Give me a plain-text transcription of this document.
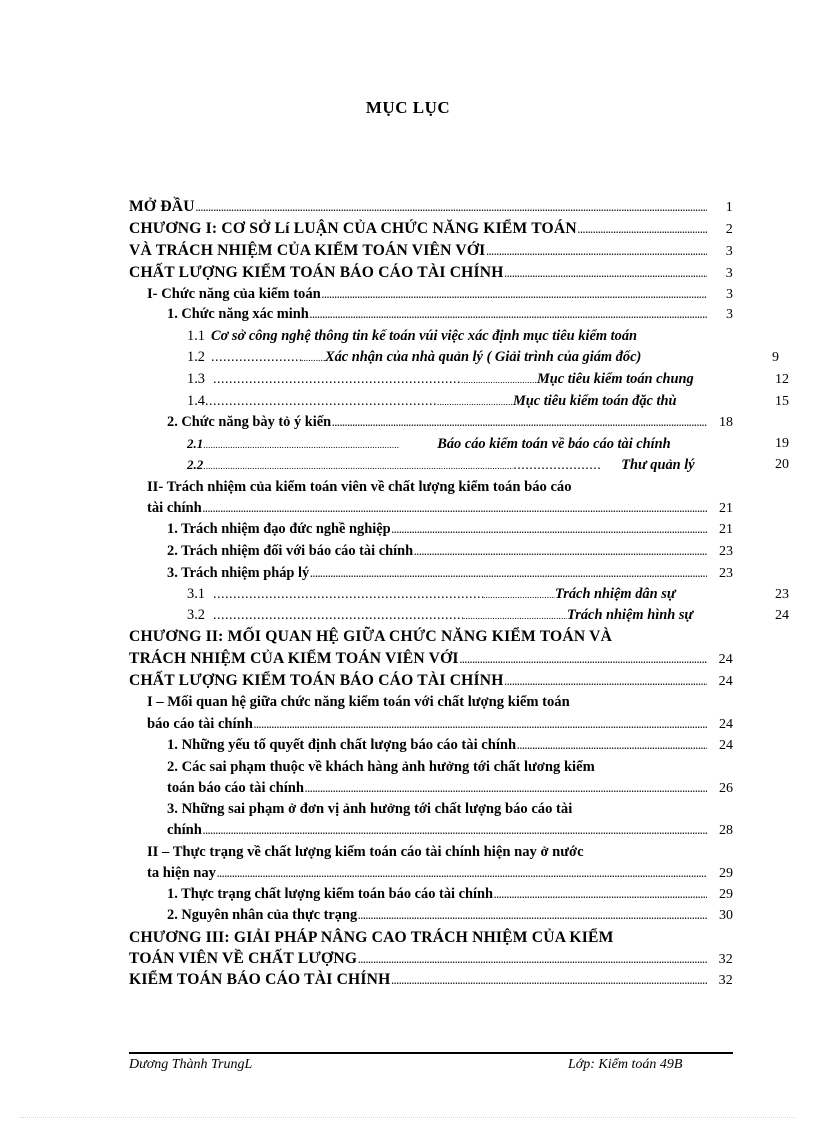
MỤC LỤC
MỞ ĐẦU .....	1
CHƯƠNG I: CƠ SỞ Lí LUẬN CỦA CHỨC NĂNG KIỂM TOÁN .....	2
VÀ TRÁCH NHIỆM CỦA KIỂM TOÁN VIÊN VỚI .....	3
CHẤT LƯỢNG KIỂM TOÁN BÁO CÁO TÀI CHÍNH .....	3
I- Chức năng của kiểm toán .....	3
1. Chức năng xác minh .....	3
1.1 Cơ sở công nghệ thông tin kế toán vúi việc xác định mục tiêu kiểm toán
1.2 ..... .....	Xác nhận của nhà quản lý ( Giải trình của giám đốc)	9
1.3 ..... .....	Mục tiêu kiểm toán chung	12
1.4 ..... .....	Mục tiêu kiểm toán đặc thù	15
2. Chức năng bày tỏ ý kiến .....	18
2.1 .....	Báo cáo kiểm toán về báo cáo tài chính	19
2.2 ..... .....	Thư quản lý	20
II- Trách nhiệm của kiểm toán viên về chất lượng kiểm toán báo cáo
tài chính .....	21
1. Trách nhiệm đạo đức nghề nghiệp .....	21
2. Trách nhiệm đối với báo cáo tài chính .....	23
3. Trách nhiệm pháp lý .....	23
3.1 ..... .....	Trách nhiệm dân sự	23
3.2 ..... .....	Trách nhiệm hình sự	24
CHƯƠNG II: MỐI QUAN HỆ GIỮA CHỨC NĂNG KIỂM TOÁN VÀ
TRÁCH NHIỆM CỦA KIỂM TOÁN VIÊN VỚI .....	24
CHẤT LƯỢNG KIỂM TOÁN BÁO CÁO TÀI CHÍNH .....	24
I – Mối quan hệ giữa chức năng kiểm toán với chất lượng kiểm toán
báo cáo tài chính .....	24
1. Những yếu tố quyết định chất lượng báo cáo tài chính .....	24
2. Các sai phạm thuộc về khách hàng ảnh hưởng tới chất lương kiểm
toán báo cáo tài chính .....	26
3. Những sai phạm ở đơn vị ảnh hưởng tới chất lượng báo cáo tài
chính .....	28
II – Thực trạng về chất lượng kiểm toán cáo tài chính hiện nay ở nước
ta hiện nay .....	29
1. Thực trạng chất lượng kiểm toán báo cáo tài chính .....	29
2. Nguyên nhân của thực trạng .....	30
CHƯƠNG III: GIẢI PHÁP NÂNG CAO TRÁCH NHIỆM CỦA KIỂM
TOÁN VIÊN VỀ CHẤT LƯỢNG .....	32
KIỂM TOÁN BÁO CÁO TÀI CHÍNH .....	32
Dương Thành TrungL	Lớp: Kiểm toán 49B
